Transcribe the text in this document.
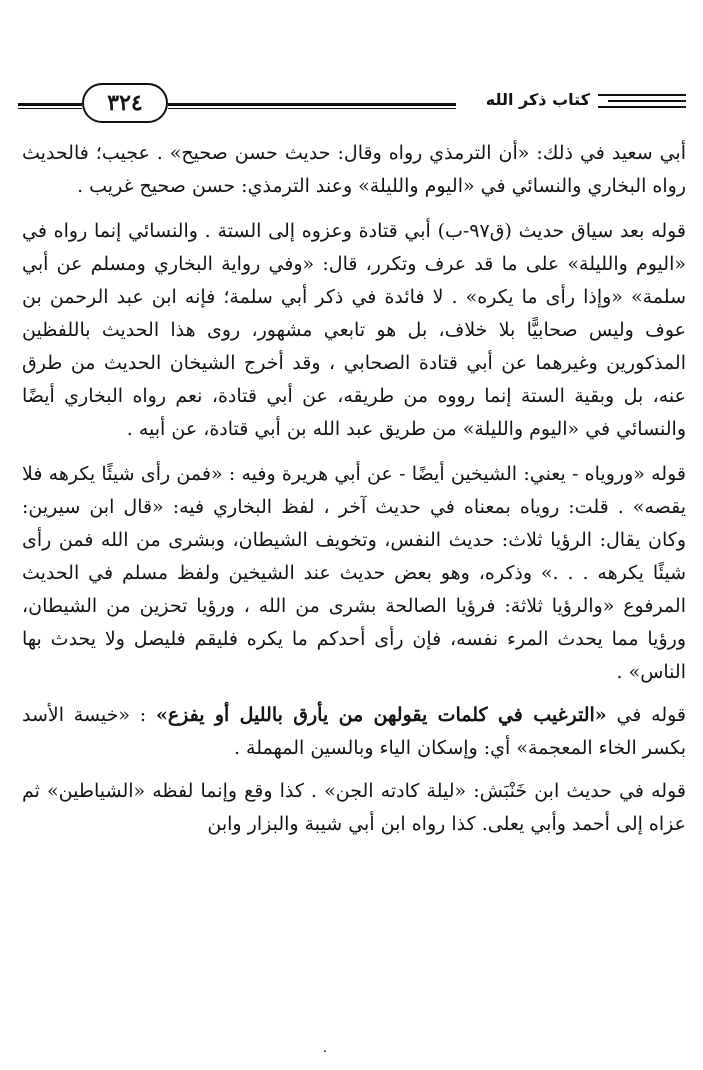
٣٢٤	كتاب ذكر الله

أبي سعيد في ذلك: «أن الترمذي رواه وقال: حديث حسن صحيح» . عجيب؛ فالحديث رواه البخاري والنسائي في «اليوم والليلة» وعند الترمذي: حسن صحيح غريب .

قوله بعد سياق حديث (ق٩٧-ب) أبي قتادة وعزوه إلى الستة . والنسائي إنما رواه في «اليوم والليلة» على ما قد عرف وتكرر، قال: «وفي رواية البخاري ومسلم عن أبي سلمة» «وإذا رأى ما يكره» . لا فائدة في ذكر أبي سلمة؛ فإنه ابن عبد الرحمن بن عوف وليس صحابيًّا بلا خلاف، بل هو تابعي مشهور، روى هذا الحديث باللفظين المذكورين وغيرهما عن أبي قتادة الصحابي ، وقد أخرج الشيخان الحديث من طرق عنه، بل وبقية الستة إنما رووه من طريقه، عن أبي قتادة، نعم رواه البخاري أيضًا والنسائي في «اليوم والليلة» من طريق عبد الله بن أبي قتادة، عن أبيه .

قوله «وروياه - يعني: الشيخين أيضًا - عن أبي هريرة وفيه : «فمن رأى شيئًا يكرهه فلا يقصه» . قلت: روياه بمعناه في حديث آخر ، لفظ البخاري فيه: «قال ابن سيرين: وكان يقال: الرؤيا ثلاث: حديث النفس، وتخويف الشيطان، وبشرى من الله فمن رأى شيئًا يكرهه . . .» وذكره، وهو بعض حديث عند الشيخين ولفظ مسلم في الحديث المرفوع «والرؤيا ثلاثة: فرؤيا الصالحة بشرى من الله ، ورؤيا تحزين من الشيطان، ورؤيا مما يحدث المرء نفسه، فإن رأى أحدكم ما يكره فليقم فليصل ولا يحدث بها الناس» .

قوله في «الترغيب في كلمات يقولهن من يأرق بالليل أو يفزع» : «خيسة الأسد بكسر الخاء المعجمة» أي: وإسكان الياء وبالسين المهملة .

قوله في حديث ابن خَنْبَش: «ليلة كادته الجن» . كذا وقع وإنما لفظه «الشياطين» ثم عزاه إلى أحمد وأبي يعلى. كذا رواه ابن أبي شيبة والبزار وابن

.
